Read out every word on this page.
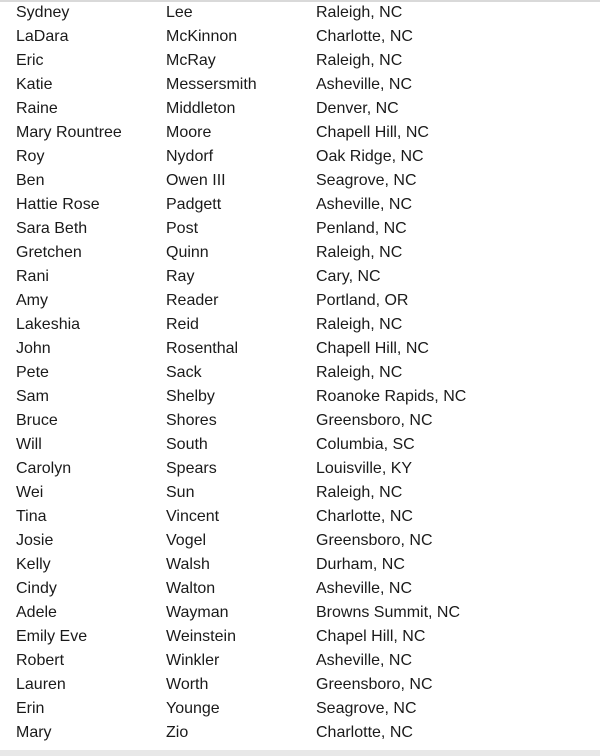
Sydney	Lee	Raleigh, NC
LaDara	McKinnon	Charlotte, NC
Eric	McRay	Raleigh, NC
Katie	Messersmith	Asheville, NC
Raine	Middleton	Denver, NC
Mary Rountree	Moore	Chapell Hill, NC
Roy	Nydorf	Oak Ridge, NC
Ben	Owen III	Seagrove, NC
Hattie Rose	Padgett	Asheville, NC
Sara Beth	Post	Penland, NC
Gretchen	Quinn	Raleigh, NC
Rani	Ray	Cary, NC
Amy	Reader	Portland, OR
Lakeshia	Reid	Raleigh, NC
John	Rosenthal	Chapell Hill, NC
Pete	Sack	Raleigh, NC
Sam	Shelby	Roanoke Rapids, NC
Bruce	Shores	Greensboro, NC
Will	South	Columbia, SC
Carolyn	Spears	Louisville, KY
Wei	Sun	Raleigh, NC
Tina	Vincent	Charlotte, NC
Josie	Vogel	Greensboro, NC
Kelly	Walsh	Durham, NC
Cindy	Walton	Asheville, NC
Adele	Wayman	Browns Summit, NC
Emily Eve	Weinstein	Chapel Hill, NC
Robert	Winkler	Asheville, NC
Lauren	Worth	Greensboro, NC
Erin	Younge	Seagrove, NC
Mary	Zio	Charlotte, NC
